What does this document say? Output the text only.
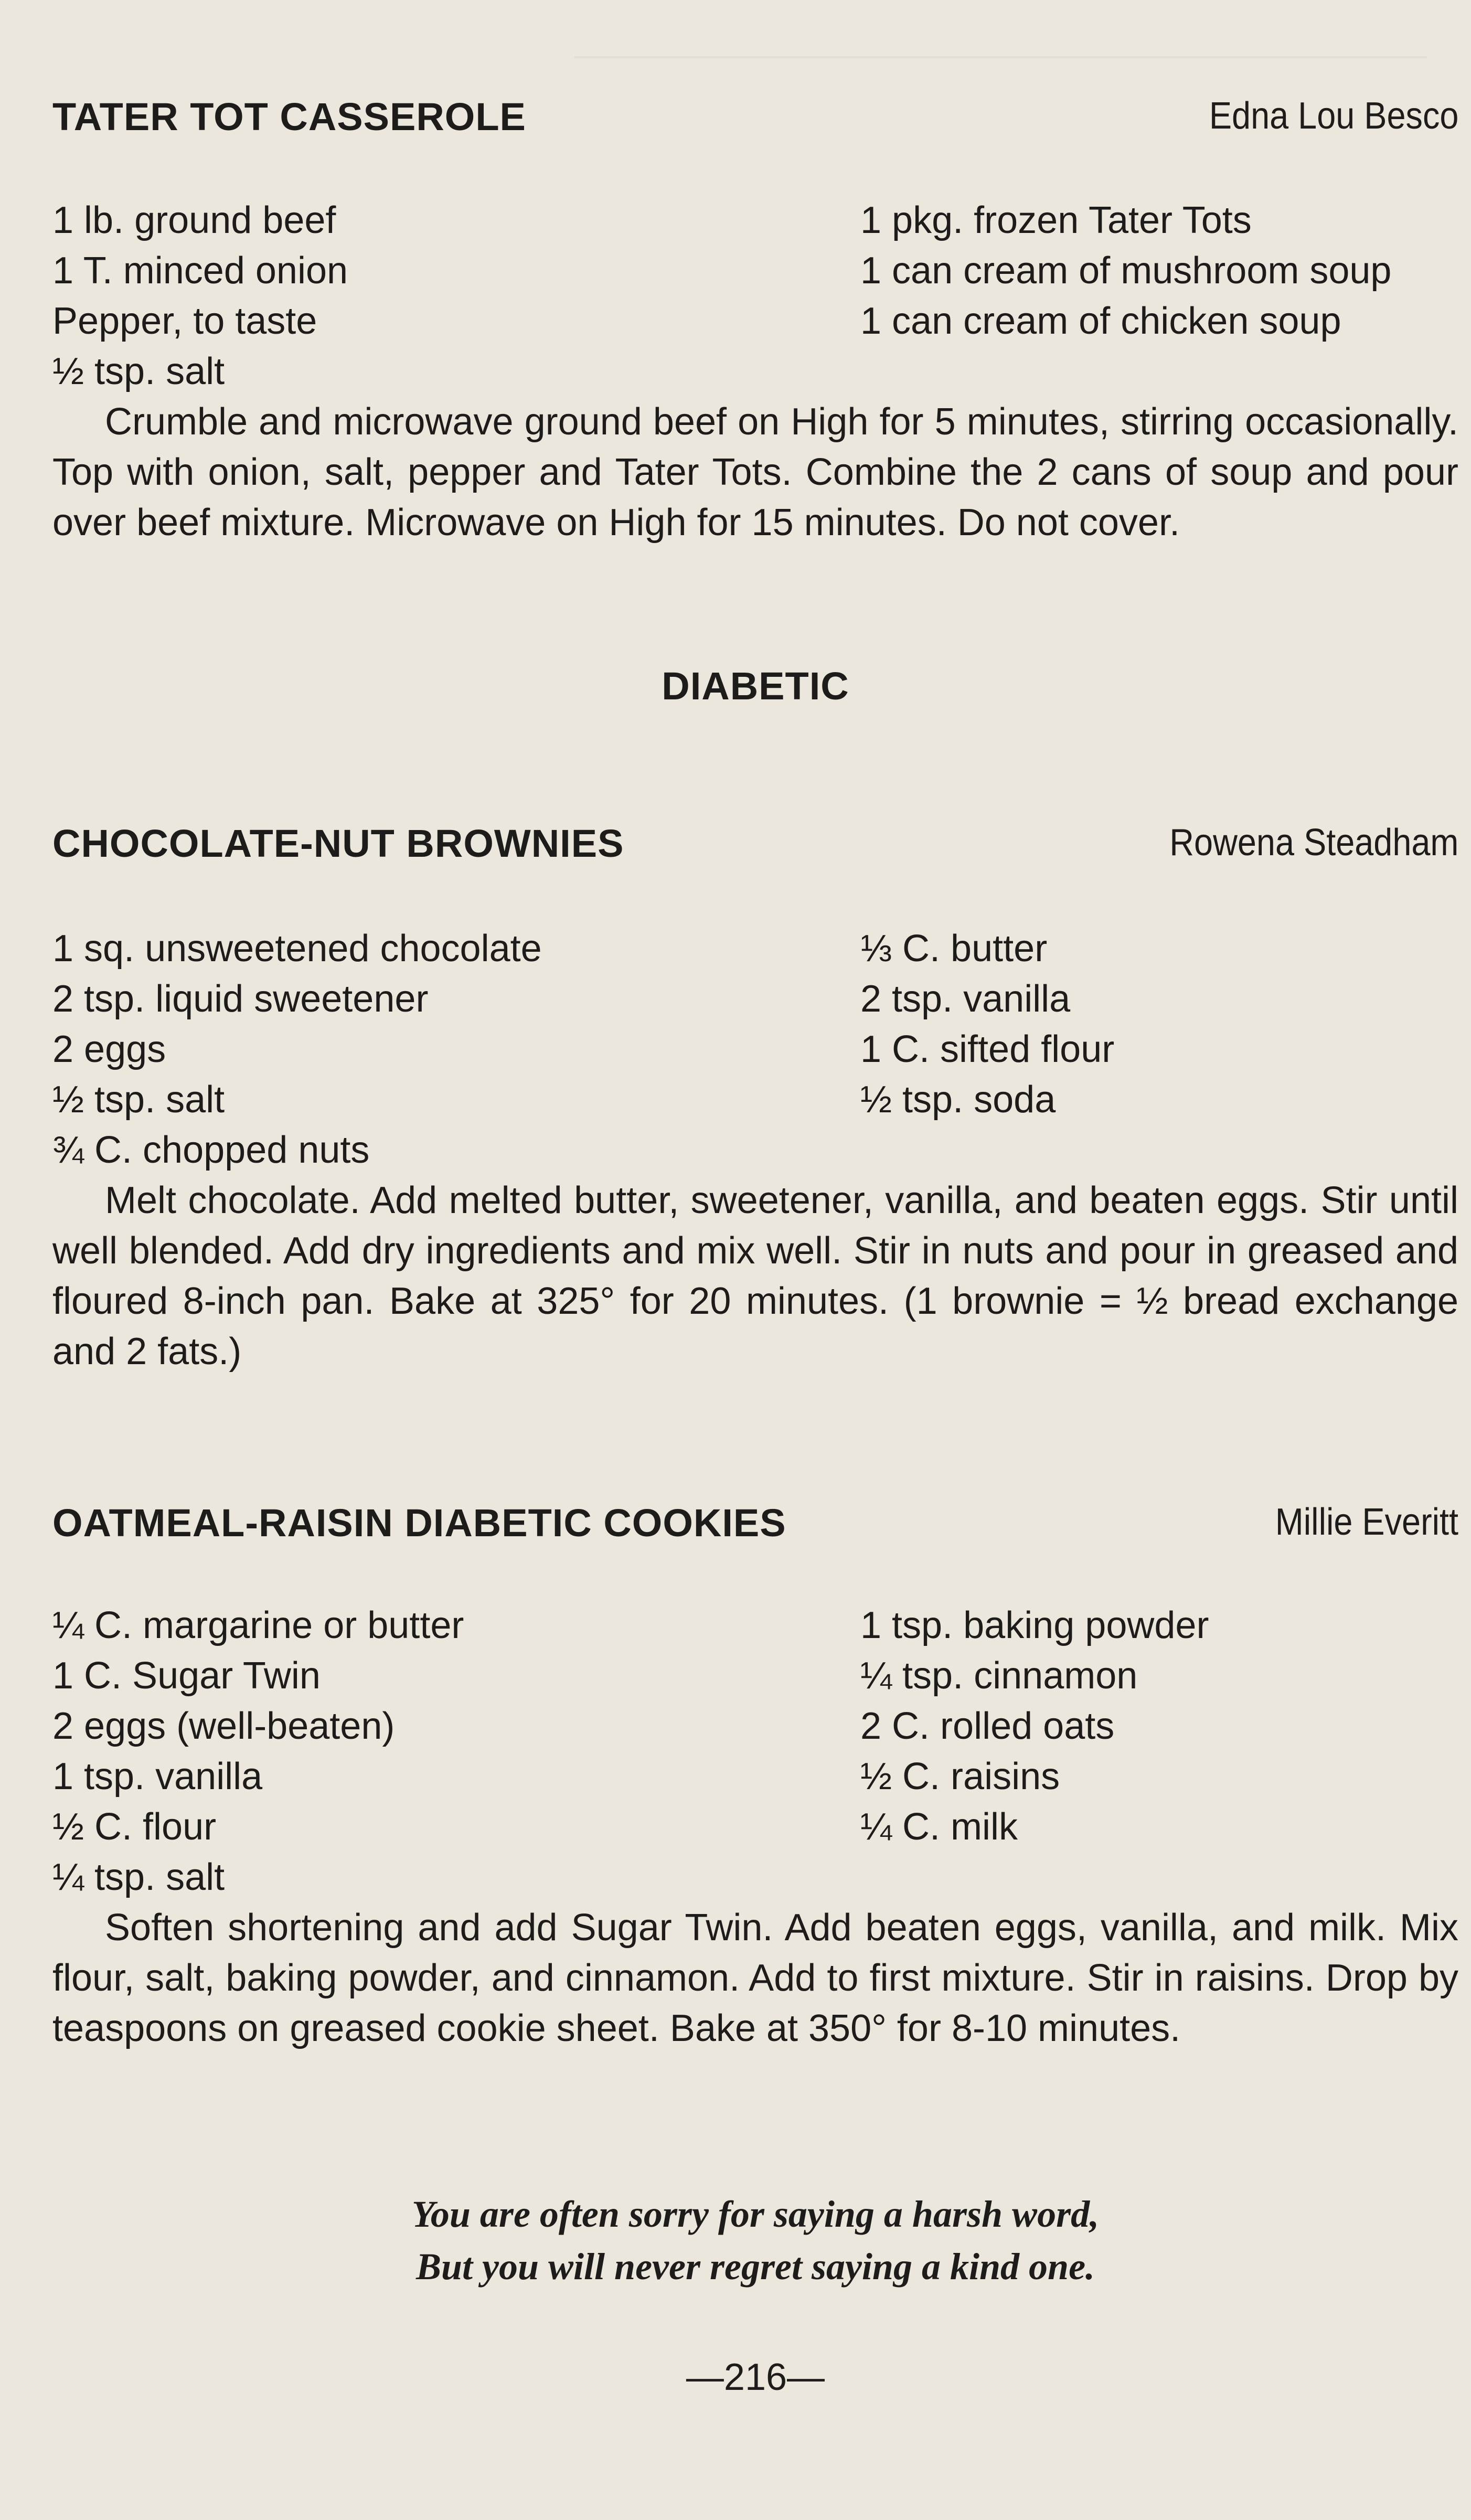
─────────────────────────────────────
TATER TOT CASSEROLE	Edna Lou Besco
1 lb. ground beef
1 T. minced onion
Pepper, to taste
½ tsp. salt
1 pkg. frozen Tater Tots
1 can cream of mushroom soup
1 can cream of chicken soup

Crumble and microwave ground beef on High for 5 minutes, stirring occasionally. Top with onion, salt, pepper and Tater Tots. Combine the 2 cans of soup and pour over beef mixture. Microwave on High for 15 minutes. Do not cover.

DIABETIC
CHOCOLATE-NUT BROWNIES	Rowena Steadham
1 sq. unsweetened chocolate
2 tsp. liquid sweetener
2 eggs
½ tsp. salt
¾ C. chopped nuts
⅓ C. butter
2 tsp. vanilla
1 C. sifted flour
½ tsp. soda

Melt chocolate. Add melted butter, sweetener, vanilla, and beaten eggs. Stir until well blended. Add dry ingredients and mix well. Stir in nuts and pour in greased and floured 8-inch pan. Bake at 325° for 20 minutes. (1 brownie = ½ bread exchange and 2 fats.)

OATMEAL-RAISIN DIABETIC COOKIES	Millie Everitt
¼ C. margarine or butter
1 C. Sugar Twin
2 eggs (well-beaten)
1 tsp. vanilla
½ C. flour
¼ tsp. salt
1 tsp. baking powder
¼ tsp. cinnamon
2 C. rolled oats
½ C. raisins
¼ C. milk

Soften shortening and add Sugar Twin. Add beaten eggs, vanilla, and milk. Mix flour, salt, baking powder, and cinnamon. Add to first mixture. Stir in raisins. Drop by teaspoons on greased cookie sheet. Bake at 350° for 8-10 minutes.

You are often sorry for saying a harsh word,
But you will never regret saying a kind one.
—216—
